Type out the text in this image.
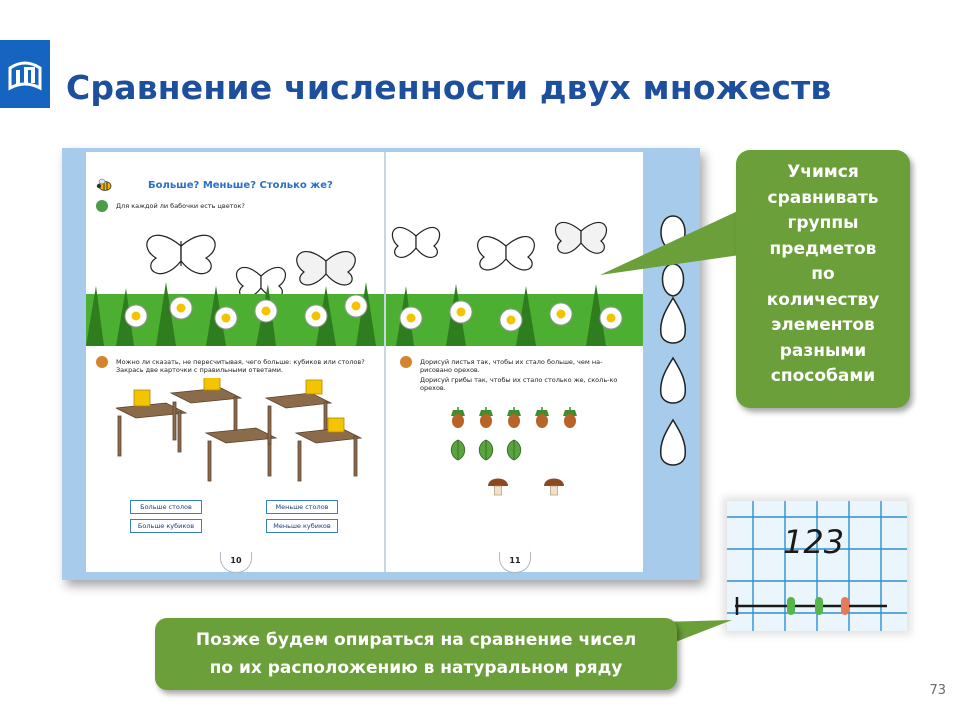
Сравнение численности двух множеств
Больше? Меньше? Столько же?
Для каждой ли бабочки есть цветок?
Можно ли сказать, не пересчитывая, чего больше: кубиков или столов? Закрась две карточки с правильными ответами.
Больше столов	Меньше столов
Больше кубиков	Меньше кубиков
10
Дорисуй листья так, чтобы их стало больше, чем на-рисовано орехов.
Дорисуй грибы так, чтобы их стало столько же, сколь-ко орехов.
11
Учимся
сравнивать
группы
предметов
по
количеству
элементов
разными
способами
123
Позже будем опираться на сравнение чисел
по их расположению в натуральном ряду
73
